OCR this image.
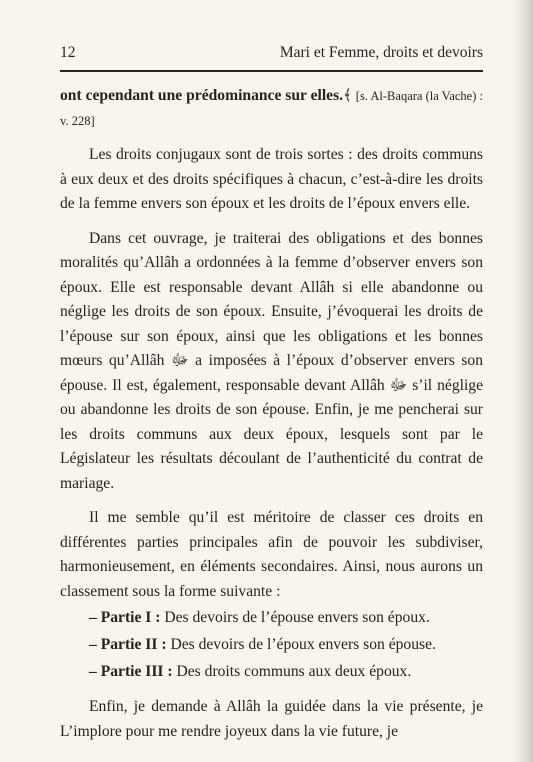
12	Mari et Femme, droits et devoirs

ont cependant une prédominance sur elles.﴾ [s. Al-Baqara (la Vache) : v. 228]

Les droits conjugaux sont de trois sortes : des droits communs à eux deux et des droits spécifiques à chacun, c’est-à-dire les droits de la femme envers son époux et les droits de l’époux envers elle.

Dans cet ouvrage, je traiterai des obligations et des bonnes moralités qu’Allâh a ordonnées à la femme d’observer envers son époux. Elle est responsable devant Allâh si elle abandonne ou néglige les droits de son époux. Ensuite, j’évoquerai les droits de l’épouse sur son époux, ainsi que les obligations et les bonnes mœurs qu’Allâh ﷻ a imposées à l’époux d’observer envers son épouse. Il est, également, responsable devant Allâh ﷻ s’il néglige ou abandonne les droits de son épouse. Enfin, je me pencherai sur les droits communs aux deux époux, lesquels sont par le Législateur les résultats découlant de l’authenticité du contrat de mariage.

Il me semble qu’il est méritoire de classer ces droits en différentes parties principales afin de pouvoir les subdiviser, harmonieusement, en éléments secondaires. Ainsi, nous aurons un classement sous la forme suivante :

– Partie I : Des devoirs de l’épouse envers son époux.

– Partie II : Des devoirs de l’époux envers son épouse.

– Partie III : Des droits communs aux deux époux.

Enfin, je demande à Allâh la guidée dans la vie présente, je L’implore pour me rendre joyeux dans la vie future, je
